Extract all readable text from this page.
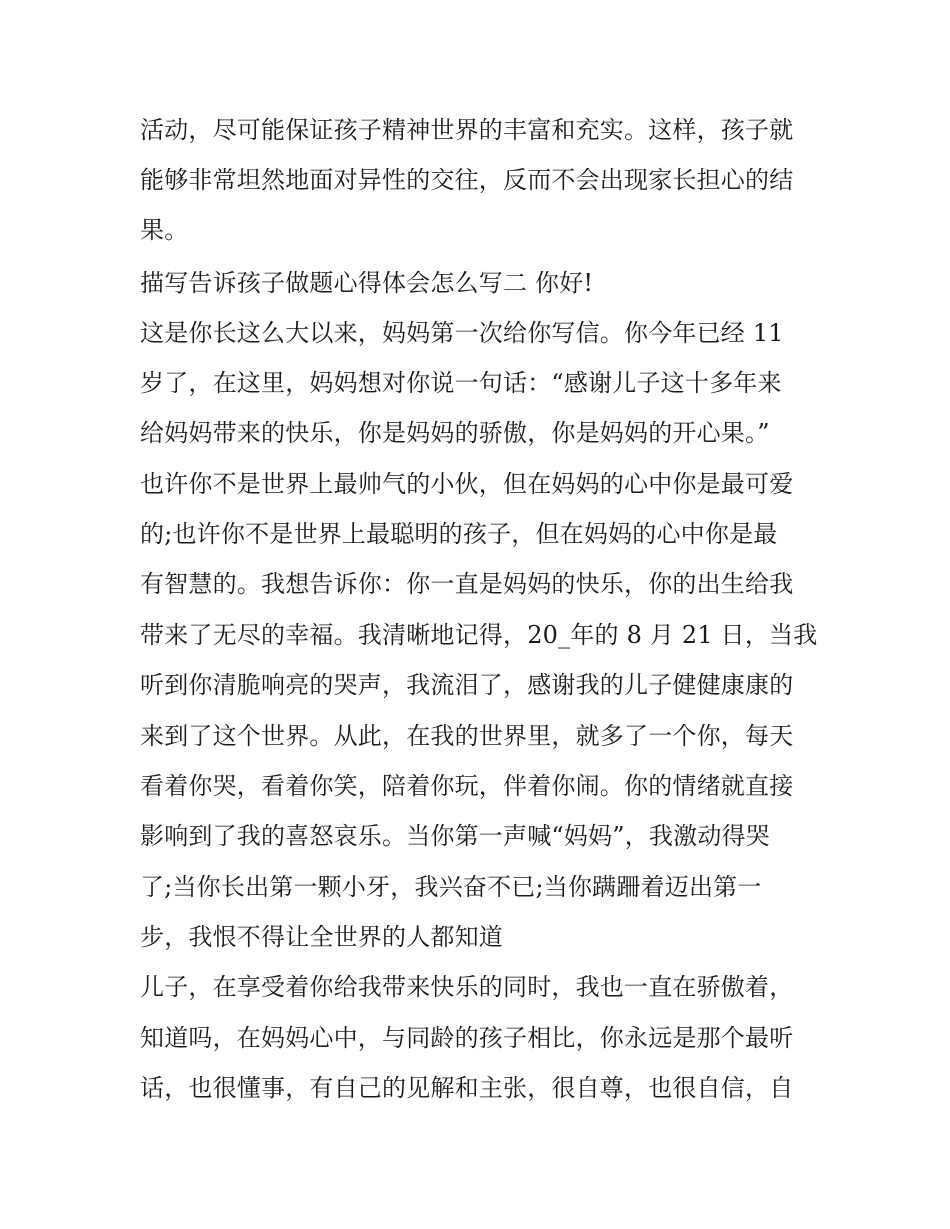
活动，尽可能保证孩子精神世界的丰富和充实。这样，孩子就

能够非常坦然地面对异性的交往，反而不会出现家长担心的结

果。

描写告诉孩子做题心得体会怎么写二 你好!

这是你长这么大以来，妈妈第一次给你写信。你今年已经 11

岁了，在这里，妈妈想对你说一句话：“感谢儿子这十多年来

给妈妈带来的快乐，你是妈妈的骄傲，你是妈妈的开心果。”

也许你不是世界上最帅气的小伙，但在妈妈的心中你是最可爱

的;也许你不是世界上最聪明的孩子，但在妈妈的心中你是最

有智慧的。我想告诉你：你一直是妈妈的快乐，你的出生给我

带来了无尽的幸福。我清晰地记得，20_年的 8 月 21 日，当我

听到你清脆响亮的哭声，我流泪了，感谢我的儿子健健康康的

来到了这个世界。从此，在我的世界里，就多了一个你，每天

看着你哭，看着你笑，陪着你玩，伴着你闹。你的情绪就直接

影响到了我的喜怒哀乐。当你第一声喊“妈妈”，我激动得哭

了;当你长出第一颗小牙，我兴奋不已;当你蹒跚着迈出第一

步，我恨不得让全世界的人都知道

儿子，在享受着你给我带来快乐的同时，我也一直在骄傲着，

知道吗，在妈妈心中，与同龄的孩子相比，你永远是那个最听

话，也很懂事，有自己的见解和主张，很自尊，也很自信，自
